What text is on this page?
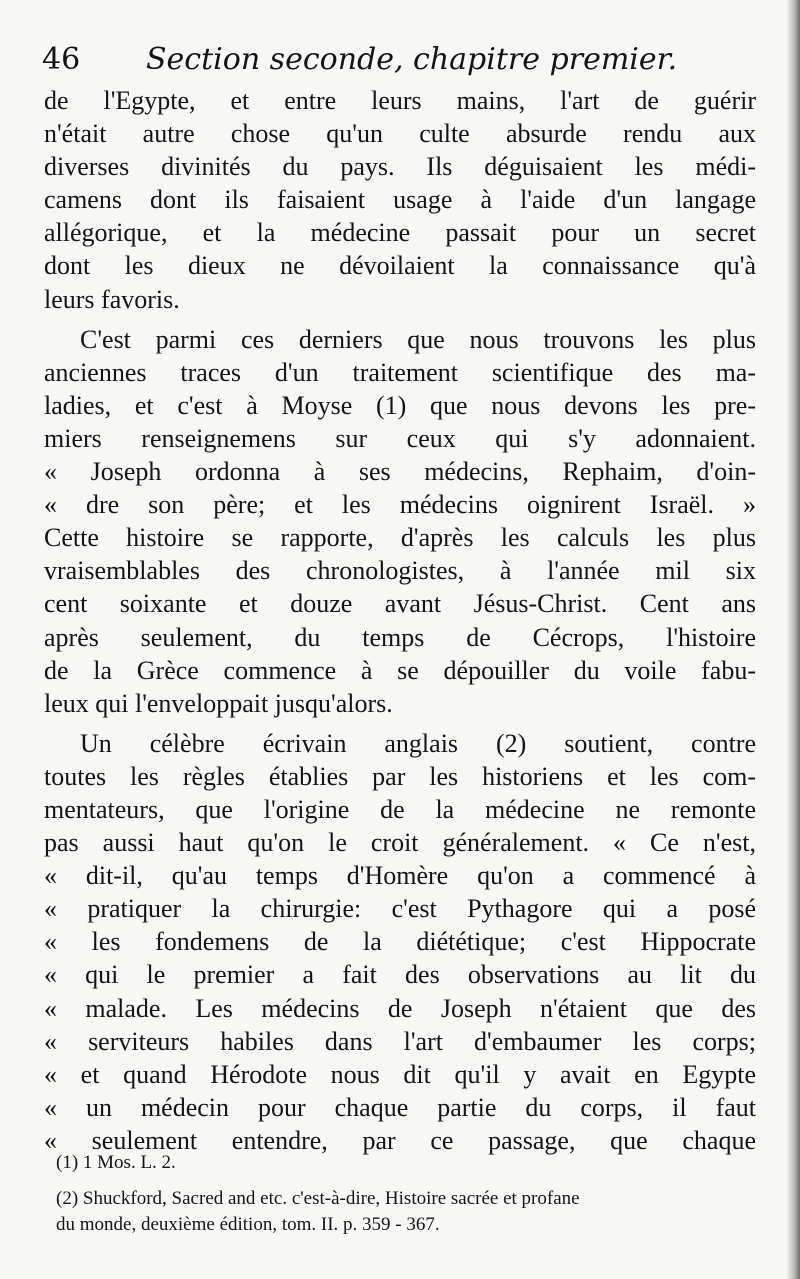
46 Section seconde, chapitre premier.
de l'Egypte, et entre leurs mains, l'art de guérir
n'était autre chose qu'un culte absurde rendu aux
diverses divinités du pays. Ils déguisaient les médi-
camens dont ils faisaient usage à l'aide d'un langage
allégorique, et la médecine passait pour un secret
dont les dieux ne dévoilaient la connaissance qu'à
leurs favoris.
C'est parmi ces derniers que nous trouvons les plus
anciennes traces d'un traitement scientifique des ma-
ladies, et c'est à Moyse (1) que nous devons les pre-
miers renseignemens sur ceux qui s'y adonnaient.
« Joseph ordonna à ses médecins, Rephaim, d'oin-
« dre son père; et les médecins oignirent Israël. »
Cette histoire se rapporte, d'après les calculs les plus
vraisemblables des chronologistes, à l'année mil six
cent soixante et douze avant Jésus-Christ. Cent ans
après seulement, du temps de Cécrops, l'histoire
de la Grèce commence à se dépouiller du voile fabu-
leux qui l'enveloppait jusqu'alors.
Un célèbre écrivain anglais (2) soutient, contre
toutes les règles établies par les historiens et les com-
mentateurs, que l'origine de la médecine ne remonte
pas aussi haut qu'on le croit généralement. « Ce n'est,
« dit-il, qu'au temps d'Homère qu'on a commencé à
« pratiquer la chirurgie: c'est Pythagore qui a posé
« les fondemens de la diététique; c'est Hippocrate
« qui le premier a fait des observations au lit du
« malade. Les médecins de Joseph n'étaient que des
« serviteurs habiles dans l'art d'embaumer les corps;
« et quand Hérodote nous dit qu'il y avait en Egypte
« un médecin pour chaque partie du corps, il faut
« seulement entendre, par ce passage, que chaque
(1) 1 Mos. L. 2.
(2) Shuckford, Sacred and etc. c'est-à-dire, Histoire sacrée et profane
du monde, deuxième édition, tom. II. p. 359 - 367.
